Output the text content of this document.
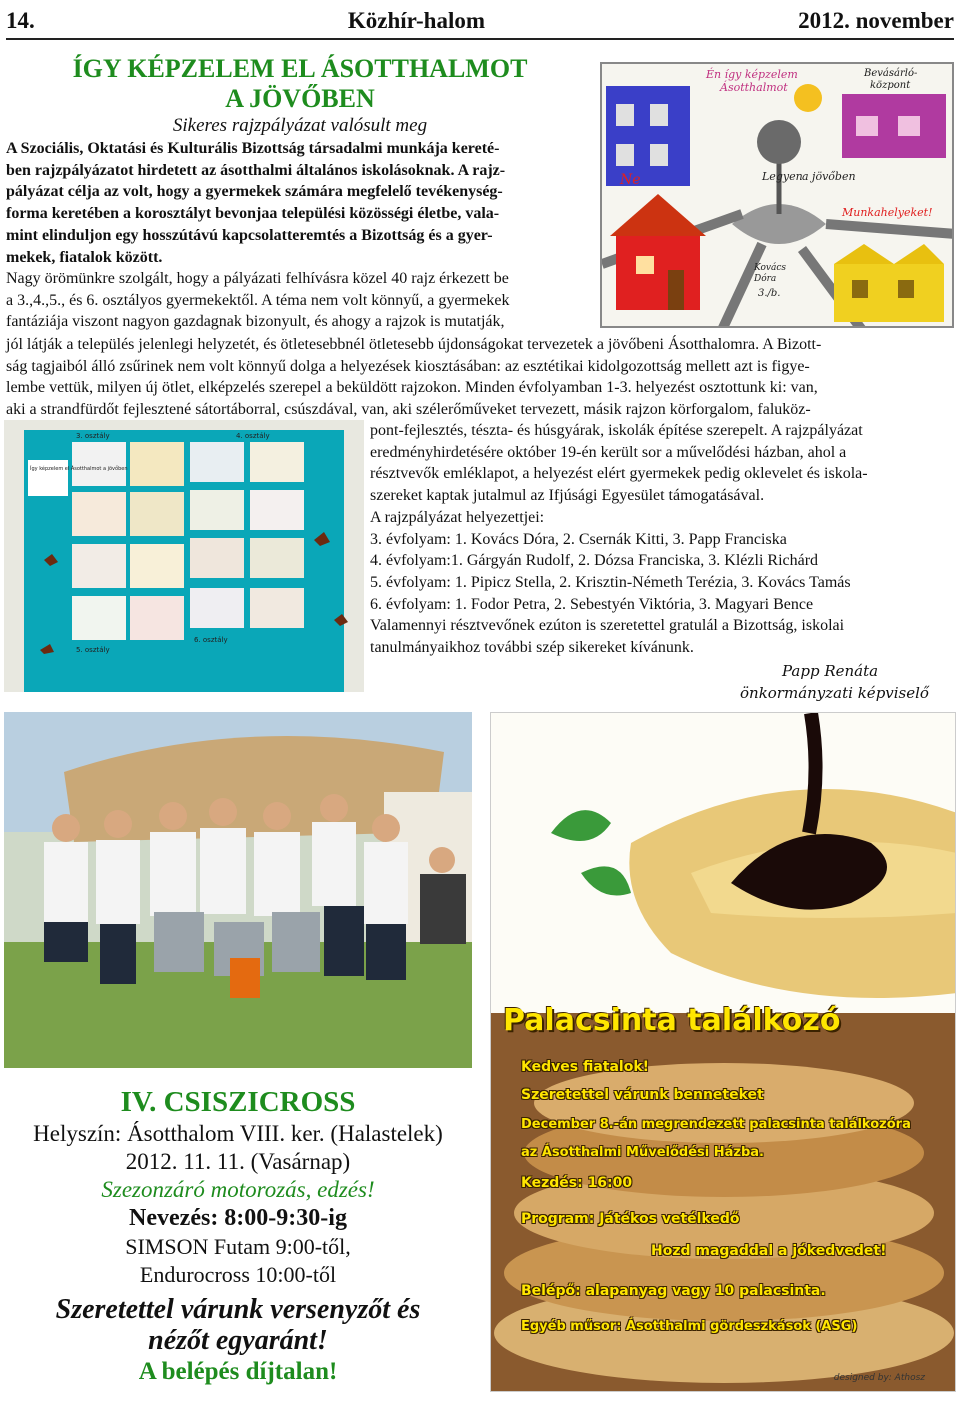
14.	Közhír-halom	2012. november
ÍGY KÉPZELEM EL ÁSOTTHALMOT
A JÖVŐBEN
Sikeres rajzpályázat valósult meg
A Szociális, Oktatási és Kulturális Bizottság társadalmi munkája kereté-
ben rajzpályázatot hirdetett az ásotthalmi általános iskolásoknak. A rajz-
pályázat célja az volt, hogy a gyermekek számára megfelelő tevékenység-
forma keretében a korosztályt bevonjaa települési közösségi életbe, vala-
mint elinduljon egy hosszútávú kapcsolatteremtés a Bizottság és a gyer-
mekek, fiatalok között.
Nagy örömünkre szolgált, hogy a pályázati felhívásra közel 40 rajz érkezett be
a 3.,4.,5., és 6. osztályos gyermekektől. A téma nem volt könnyű, a gyermekek
fantáziája viszont nagyon gazdagnak bizonyult, és ahogy a rajzok is mutatják,
jól látják a település jelenlegi helyzetét, és ötletesebbnél ötletesebb újdonságokat tervezetek a jövőbeni Ásotthalomra. A Bizott-
ság tagjaiból álló zsűrinek nem volt könnyű dolga a helyezések kiosztásában: az esztétikai kidolgozottság mellett azt is figye-
lembe vettük, milyen új ötlet, elképzelés szerepel a beküldött rajzokon. Minden évfolyamban 1-3. helyezést osztottunk ki: van,
aki a strandfürdőt fejlesztené sátortáborral, csúszdával, van, aki szélerőműveket tervezett, másik rajzon körforgalom, faluköz-
pont-fejlesztés, tészta- és húsgyárak, iskolák építése szerepelt. A rajzpályázat
eredményhirdetésére október 19-én került sor a művelődési házban, ahol a
résztvevők emléklapot, a helyezést elért gyermekek pedig oklevelet és iskola-
szereket kaptak jutalmul az Ifjúsági Egyesület támogatásával.
A rajzpályázat helyezettjei:
3. évfolyam: 1. Kovács Dóra, 2. Csernák Kitti, 3. Papp Franciska
4. évfolyam:1. Gárgyán Rudolf, 2. Dózsa Franciska, 3. Klézli Richárd
5. évfolyam: 1. Pipicz Stella, 2. Krisztin-Németh Terézia, 3. Kovács Tamás
6. évfolyam: 1. Fodor Petra, 2. Sebestyén Viktória, 3. Magyari Bence
Valamennyi résztvevőnek ezúton is szeretettel gratulál a Bizottság, iskolai
tanulmányaikhoz további szép sikereket kívánunk.
Papp Renáta
önkormányzati képviselő
Én így képzelem
Ásotthalmot
Bevásárló-
központ
Legyen a jövőben
Ne
Munkahelyeket!
Kovács
Dóra
3./b.
3. osztály	4. osztály
Így képzelem el Ásotthalmot a jövőben
5. osztály
6. osztály
IV. CSISZICROSS
Helyszín: Ásotthalom VIII. ker. (Halastelek)
2012. 11. 11. (Vasárnap)
Szezonzáró motorozás, edzés!
Nevezés: 8:00-9:30-ig
SIMSON Futam 9:00-től,
Endurocross 10:00-től
Szeretettel várunk versenyzőt és
nézőt egyaránt!
A belépés díjtalan!
Palacsinta találkozó
Kedves fiatalok!
Szeretettel várunk benneteket
December 8.-án megrendezett palacsinta találkozóra
az Ásotthalmi Művelődési Házba.
Kezdés: 16:00
Program: Játékos vetélkedő
Hozd magaddal a jókedvedet!
Belépő: alapanyag vagy 10 palacsinta.
Egyéb műsor: Ásotthalmi gördeszkások (ASG)
designed by: Athosz
